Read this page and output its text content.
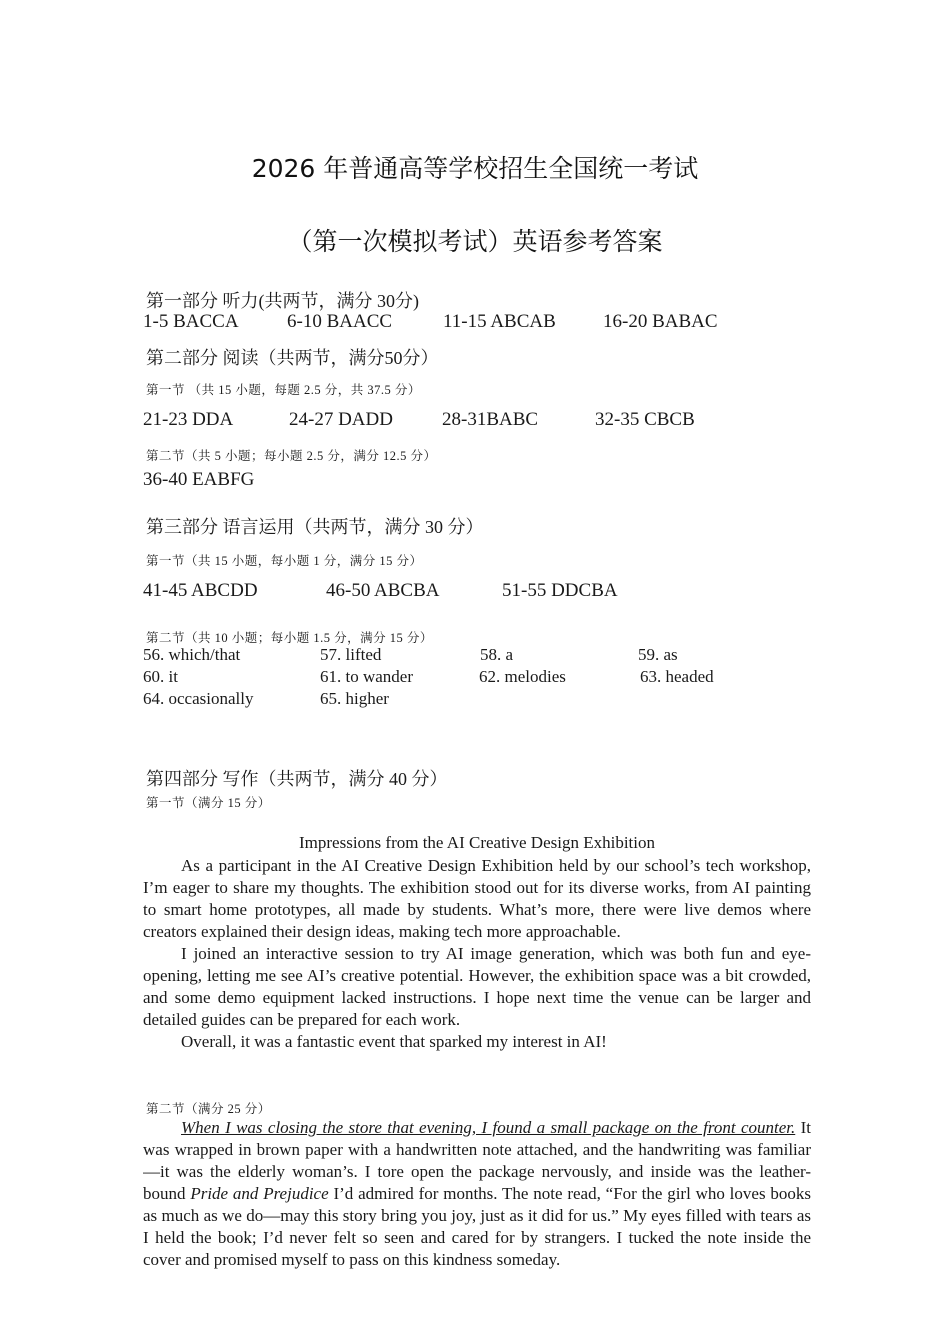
2026 年普通高等学校招生全国统一考试
（第一次模拟考试）英语参考答案
第一部分 听力(共两节，满分 30分)
1-5 BACCA	6-10 BAACC	11-15 ABCAB 16-20 BABAC
第二部分 阅读（共两节，满分50分）
第一节 （共 15 小题，每题 2.5 分，共 37.5 分）
21-23 DDA	24-27 DADD	28-31BABC	32-35 CBCB
第二节（共 5 小题；每小题 2.5 分，满分 12.5 分）
36-40 EABFG
第三部分 语言运用（共两节，满分 30 分）
第一节（共 15 小题，每小题 1 分，满分 15 分）
41-45 ABCDD	46-50 ABCBA	51-55 DDCBA
第二节（共 10 小题；每小题 1.5 分，满分 15 分）
56. which/that	57. lifted	58. a	59. as
60. it	61. to wander	62. melodies	63. headed
64. occasionally	65. higher
第四部分 写作（共两节，满分 40 分）
第一节（满分 15 分）
Impressions from the AI Creative Design Exhibition

As a participant in the AI Creative Design Exhibition held by our school’s tech workshop, I’m eager to share my thoughts. The exhibition stood out for its diverse works, from AI painting to smart home prototypes, all made by students. What’s more, there were live demos where creators explained their design ideas, making tech more approachable.

I joined an interactive session to try AI image generation, which was both fun and eye-opening, letting me see AI’s creative potential. However, the exhibition space was a bit crowded, and some demo equipment lacked instructions. I hope next time the venue can be larger and detailed guides can be prepared for each work.

Overall, it was a fantastic event that sparked my interest in AI!

第二节（满分 25 分）

When I was closing the store that evening, I found a small package on the front counter. It was wrapped in brown paper with a handwritten note attached, and the handwriting was familiar—it was the elderly woman’s. I tore open the package nervously, and inside was the leather-bound Pride and Prejudice I’d admired for months. The note read, “For the girl who loves books as much as we do—may this story bring you joy, just as it did for us.” My eyes filled with tears as I held the book; I’d never felt so seen and cared for by strangers. I tucked the note inside the cover and promised myself to pass on this kindness someday.
